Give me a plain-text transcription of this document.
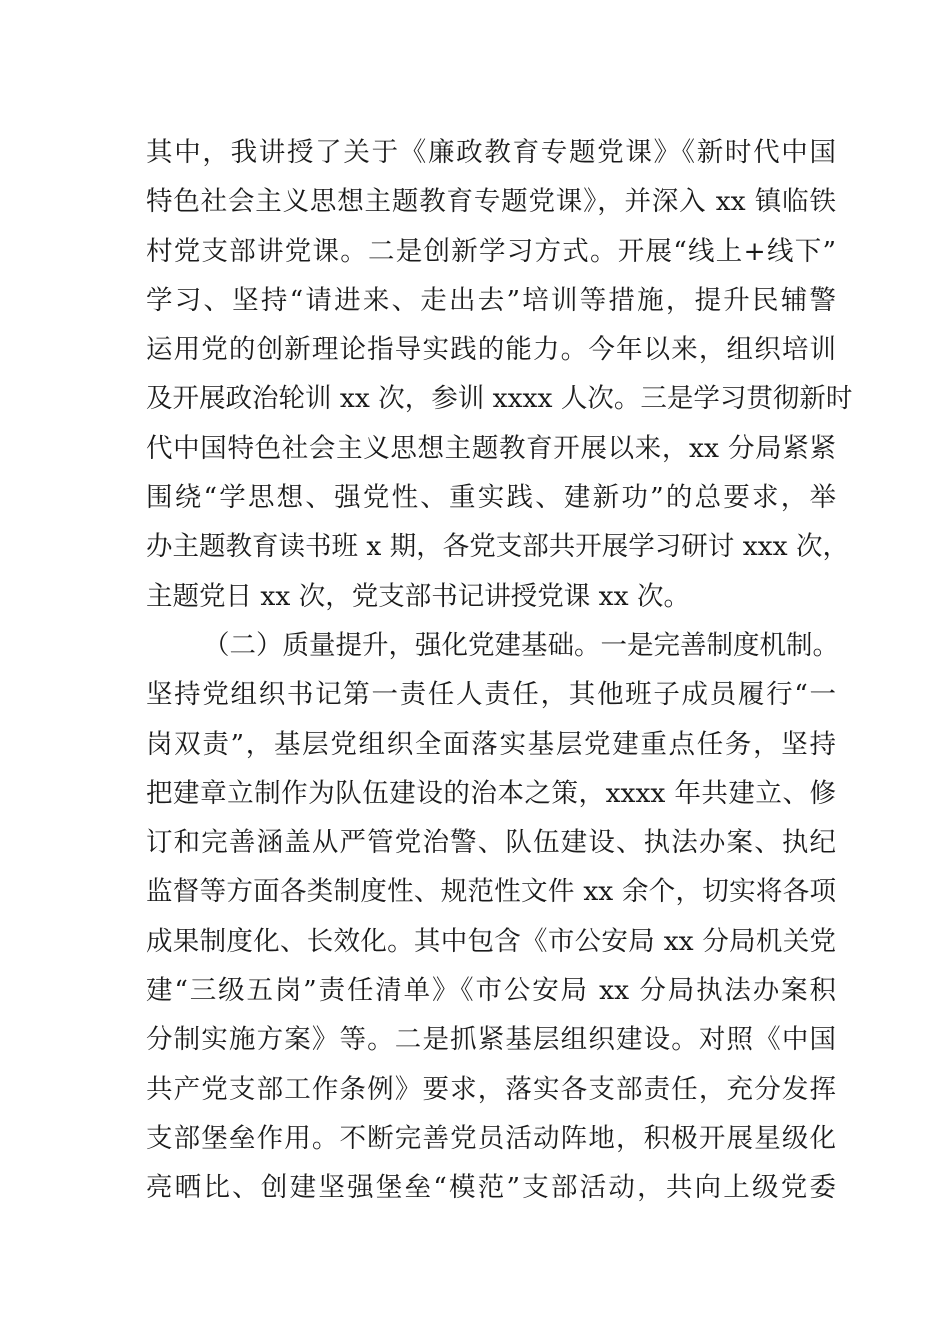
其中，我讲授了关于《廉政教育专题党课》《新时代中国
特色社会主义思想主题教育专题党课》，并深入 xx 镇临铁
村党支部讲党课。二是创新学习方式。开展“线上+线下”
学习、坚持“请进来、走出去”培训等措施，提升民辅警
运用党的创新理论指导实践的能力。今年以来，组织培训
及开展政治轮训 xx 次，参训 xxxx 人次。三是学习贯彻新时
代中国特色社会主义思想主题教育开展以来，xx 分局紧紧
围绕“学思想、强党性、重实践、建新功”的总要求，举
办主题教育读书班 x 期，各党支部共开展学习研讨 xxx 次，
主题党日 xx 次，党支部书记讲授党课 xx 次。
（二）质量提升，强化党建基础。一是完善制度机制。
坚持党组织书记第一责任人责任，其他班子成员履行“一
岗双责”，基层党组织全面落实基层党建重点任务，坚持
把建章立制作为队伍建设的治本之策，xxxx 年共建立、修
订和完善涵盖从严管党治警、队伍建设、执法办案、执纪
监督等方面各类制度性、规范性文件 xx 余个，切实将各项
成果制度化、长效化。其中包含《市公安局 xx 分局机关党
建“三级五岗”责任清单》《市公安局 xx 分局执法办案积
分制实施方案》等。二是抓紧基层组织建设。对照《中国
共产党支部工作条例》要求，落实各支部责任，充分发挥
支部堡垒作用。不断完善党员活动阵地，积极开展星级化
亮晒比、创建坚强堡垒“模范”支部活动，共向上级党委
